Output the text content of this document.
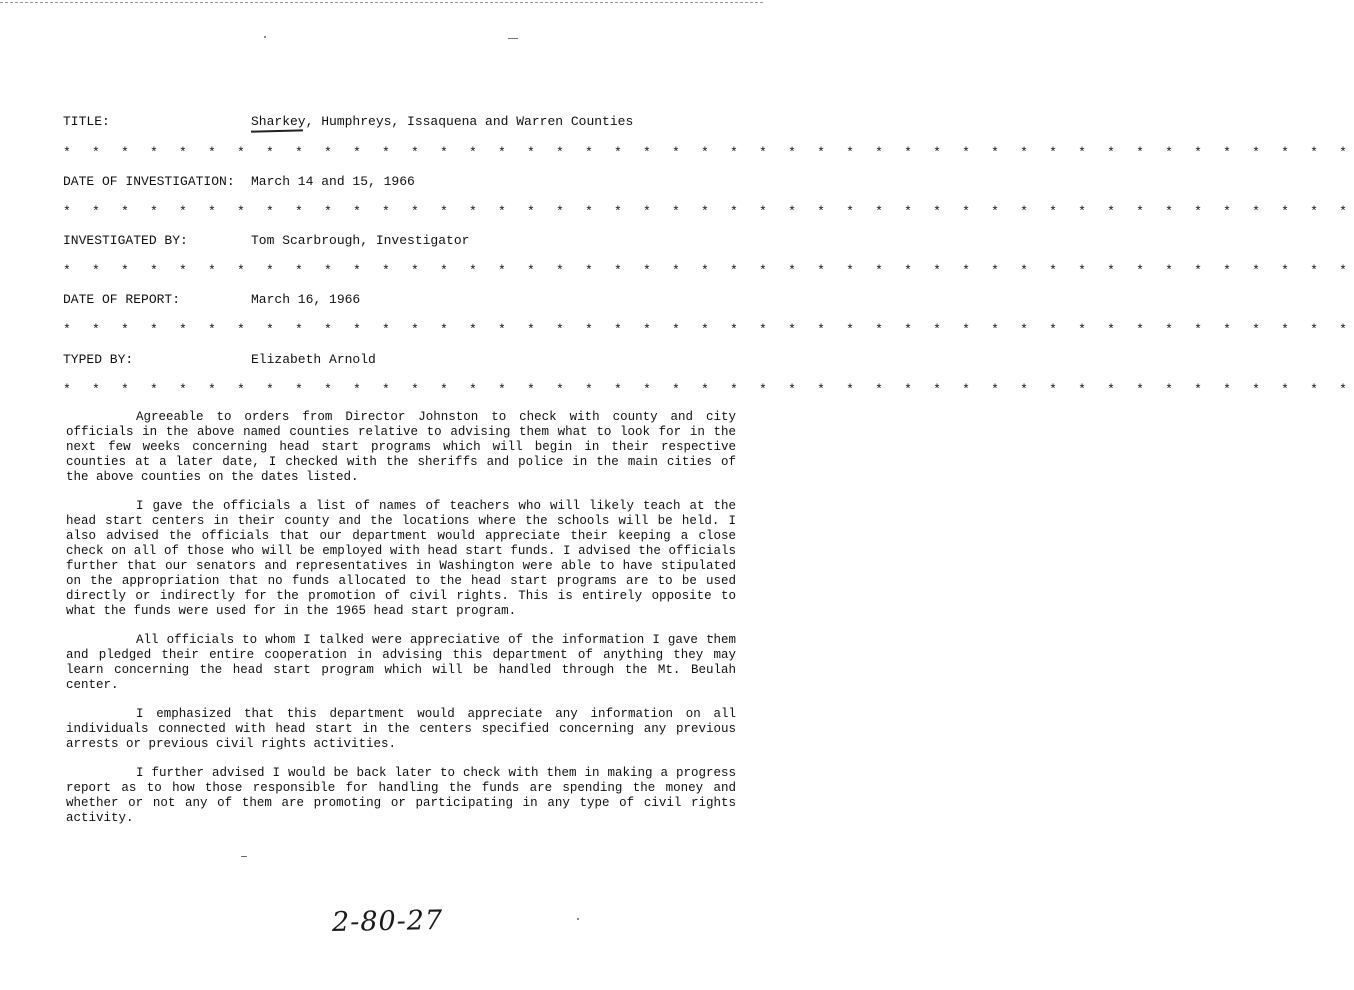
TITLE:	Sharkey, Humphreys, Issaquena and Warren Counties
* * * * * * * * * * * * * * * * * * * * * * * * * * * * * * * * * * * * * * * * * * * * *
DATE OF INVESTIGATION: March 14 and 15, 1966
* * * * * * * * * * * * * * * * * * * * * * * * * * * * * * * * * * * * * * * * * * * * *
INVESTIGATED BY:	Tom Scarbrough, Investigator
* * * * * * * * * * * * * * * * * * * * * * * * * * * * * * * * * * * * * * * * * * * * *
DATE OF REPORT:	March 16, 1966
* * * * * * * * * * * * * * * * * * * * * * * * * * * * * * * * * * * * * * * * * * * * *
TYPED BY:	Elizabeth Arnold
* * * * * * * * * * * * * * * * * * * * * * * * * * * * * * * * * * * * * * * * * * * * *

Agreeable to orders from Director Johnston to check with county and city officials in the above named counties relative to advising them what to look for in the next few weeks concerning head start programs which will begin in their respective counties at a later date, I checked with the sheriffs and police in the main cities of the above counties on the dates listed.

I gave the officials a list of names of teachers who will likely teach at the head start centers in their county and the locations where the schools will be held. I also advised the officials that our department would appreciate their keeping a close check on all of those who will be employed with head start funds. I advised the officials further that our senators and representatives in Washington were able to have stipulated on the appropriation that no funds allocated to the head start programs are to be used directly or indirectly for the promotion of civil rights. This is entirely opposite to what the funds were used for in the 1965 head start program.

All officials to whom I talked were appreciative of the information I gave them and pledged their entire cooperation in advising this department of anything they may learn concerning the head start program which will be handled through the Mt. Beulah center.

I emphasized that this department would appreciate any information on all individuals connected with head start in the centers specified concerning any previous arrests or previous civil rights activities.

I further advised I would be back later to check with them in making a progress report as to how those responsible for handling the funds are spending the money and whether or not any of them are promoting or participating in any type of civil rights activity.

2-80-27
